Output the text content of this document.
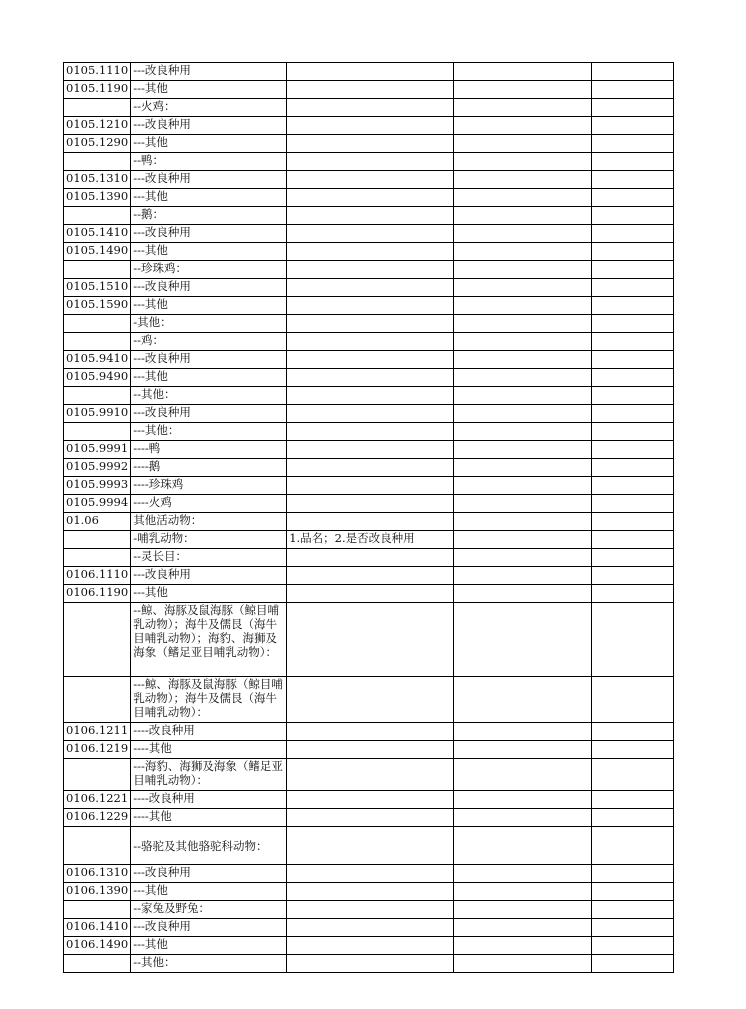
0105.1110	---改良种用			
0105.1190	---其他			
	--火鸡：			
0105.1210	---改良种用			
0105.1290	---其他			
	--鸭：			
0105.1310	---改良种用			
0105.1390	---其他			
	--鹅：			
0105.1410	---改良种用			
0105.1490	---其他			
	--珍珠鸡：			
0105.1510	---改良种用			
0105.1590	---其他			
	-其他：			
	--鸡：			
0105.9410	---改良种用			
0105.9490	---其他			
	--其他：			
0105.9910	---改良种用			
	---其他：			
0105.9991	----鸭			
0105.9992	----鹅			
0105.9993	----珍珠鸡			
0105.9994	----火鸡			
01.06	其他活动物：			
	-哺乳动物：	1.品名；2.是否改良种用		
	--灵长目：			
0106.1110	---改良种用			
0106.1190	---其他			
	--鲸、海豚及鼠海豚（鲸目哺乳动物）；海牛及儒艮（海牛目哺乳动物）；海豹、海狮及海象（鳍足亚目哺乳动物）：			
	---鲸、海豚及鼠海豚（鲸目哺乳动物）；海牛及儒艮（海牛目哺乳动物）：			
0106.1211	----改良种用			
0106.1219	----其他			
	---海豹、海狮及海象（鳍足亚目哺乳动物）：			
0106.1221	----改良种用			
0106.1229	----其他			
	--骆驼及其他骆驼科动物：			
0106.1310	---改良种用			
0106.1390	---其他			
	--家兔及野兔：			
0106.1410	---改良种用			
0106.1490	---其他			
	--其他：			
